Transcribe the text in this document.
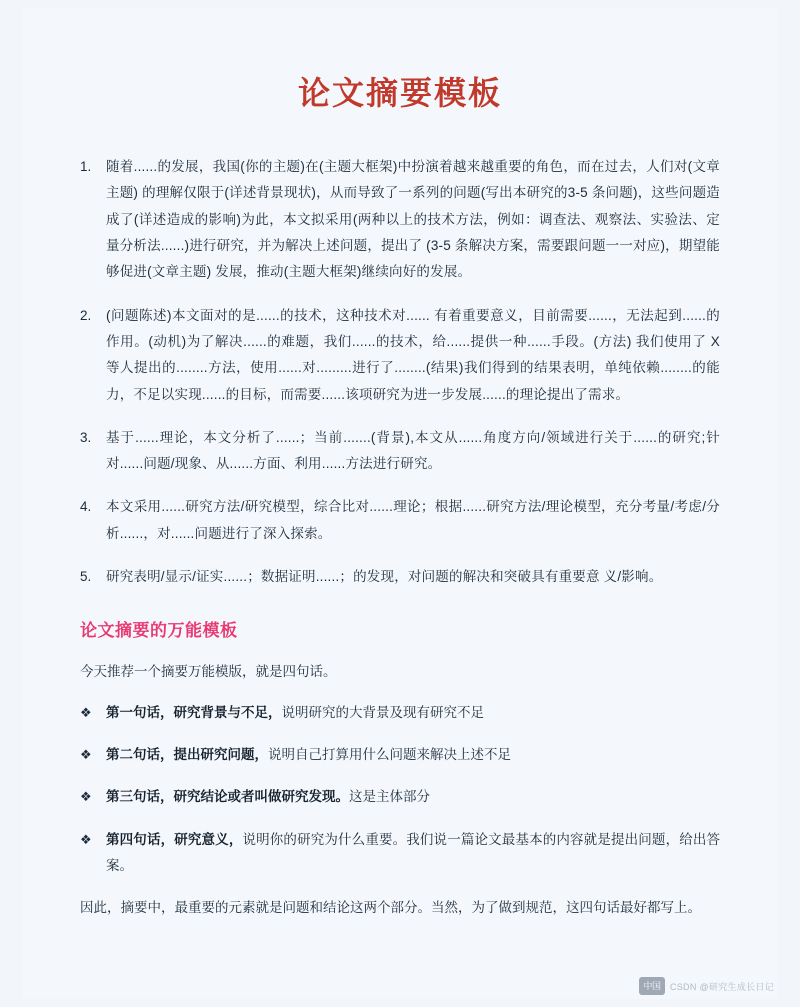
论文摘要模板
1.	随着......的发展，我国(你的主题)在(主题大框架)中扮演着越来越重要的角色，而在过去，人们对(文章主题) 的理解仅限于(详述背景现状)，从而导致了一系列的问题(写出本研究的3-5 条问题)，这些问题造成了(详述造成的影响)为此，本文拟采用(两种以上的技术方法，例如：调查法、观察法、实验法、定量分析法......)进行研究，并为解决上述问题，提出了 (3-5 条解决方案，需要跟问题一一对应)，期望能够促进(文章主题) 发展，推动(主题大框架)继续向好的发展。
2.	(问题陈述)本文面对的是......的技术，这种技术对...... 有着重要意义，目前需要......，无法起到......的作用。(动机)为了解决......的难题，我们......的技术，给......提供一种......手段。(方法) 我们使用了 X 等人提出的........方法，使用......对.........进行了........(结果)我们得到的结果表明，单纯依赖........的能力，不足以实现......的目标，而需要......该项研究为进一步发展......的理论提出了需求。
3.	基于......理论，本文分析了......；当前.......(背景),本文从......角度方向/领域进行关于......的研究;针对......问题/现象、从......方面、利用......方法进行研究。
4.	本文采用......研究方法/研究模型，综合比对......理论；根据......研究方法/理论模型，充分考量/考虑/分析......，对......问题进行了深入探索。
5.	研究表明/显示/证实......；数据证明......；的发现，对问题的解决和突破具有重要意 义/影响。
论文摘要的万能模板

今天推荐一个摘要万能模版，就是四句话。

❖	第一句话，研究背景与不足，说明研究的大背景及现有研究不足
❖	第二句话，提出研究问题，说明自己打算用什么问题来解决上述不足
❖	第三句话，研究结论或者叫做研究发现。这是主体部分
❖	第四句话，研究意义，说明你的研究为什么重要。我们说一篇论文最基本的内容就是提出问题，给出答案。

因此，摘要中，最重要的元素就是问题和结论这两个部分。当然，为了做到规范，这四句话最好都写上。

中国	CSDN @研究生成长日记
